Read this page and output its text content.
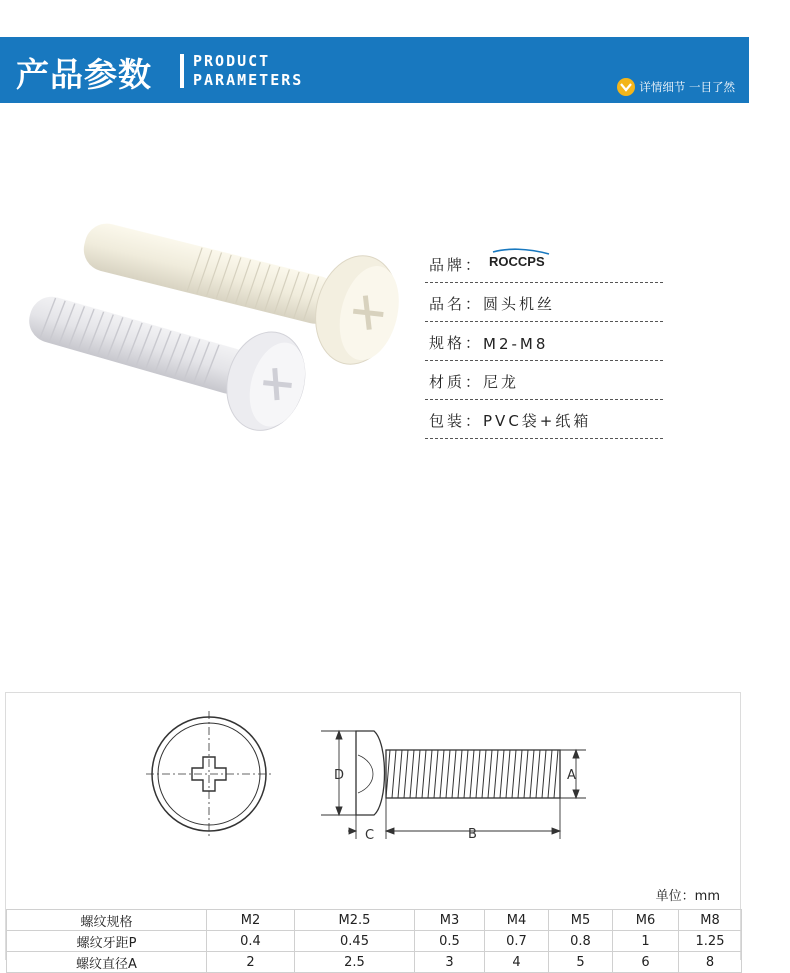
产品参数	PRODUCT
PARAMETERS	详情细节 一目了然
品牌： ROCCPS
品名： 圆头机丝
规格： M2-M8
材质： 尼龙
包装： PVC袋+纸箱
D	A
C	B
单位：mm
螺纹规格	M2	M2.5	M3	M4	M5	M6	M8
螺纹牙距P	0.4	0.45	0.5	0.7	0.8	1	1.25
螺纹直径A	2	2.5	3	4	5	6	8
